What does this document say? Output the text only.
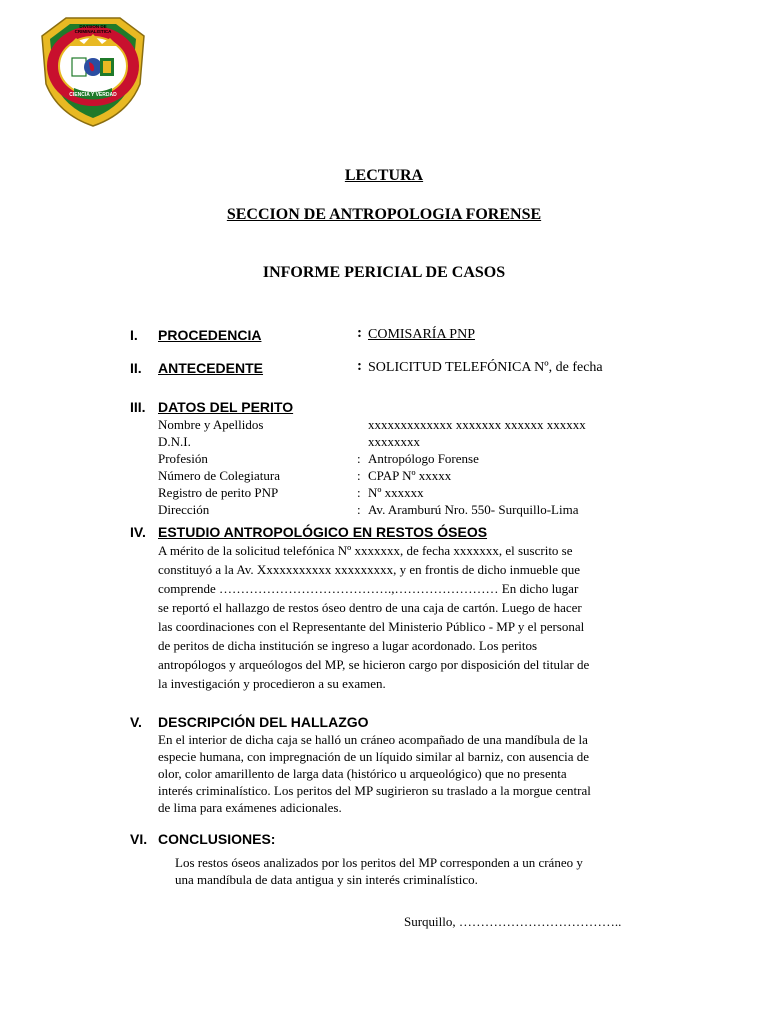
DIVISION DE CRIMINALISTICA
CIENCIA Y VERDAD
LECTURA
SECCION DE ANTROPOLOGIA FORENSE
INFORME PERICIAL DE CASOS
I. PROCEDENCIA	: COMISARÍA PNP
II. ANTECEDENTE	: SOLICITUD TELEFÓNICA Nº, de fecha
III. DATOS DEL PERITO
Nombre y Apellidos	xxxxxxxxxxxxx xxxxxxx xxxxxx xxxxxx
D.N.I.	xxxxxxxx
Profesión	: Antropólogo Forense
Número de Colegiatura	: CPAP Nº xxxxx
Registro de perito PNP	: Nº xxxxxx
Dirección	: Av. Aramburú Nro. 550- Surquillo-Lima
IV. ESTUDIO ANTROPOLÓGICO EN RESTOS ÓSEOS
A mérito de la solicitud telefónica Nº xxxxxxx, de fecha xxxxxxx, el suscrito se
constituyó a la Av. Xxxxxxxxxxx xxxxxxxxx, y en frontis de dicho inmueble que
comprende ………………………………….,…………………… En dicho lugar
se reportó el hallazgo de restos óseo dentro de una caja de cartón. Luego de hacer
las coordinaciones con el Representante del Ministerio Público - MP y el personal
de peritos de dicha institución se ingreso a lugar acordonado. Los peritos
antropólogos y arqueólogos del MP, se hicieron cargo por disposición del titular de
la investigación y procedieron a su examen.
V. DESCRIPCIÓN DEL HALLAZGO
En el interior de dicha caja se halló un cráneo acompañado de una mandíbula de la
especie humana, con impregnación de un líquido similar al barniz, con ausencia de
olor, color amarillento de larga data (histórico u arqueológico) que no presenta
interés criminalístico. Los peritos del MP sugirieron su traslado a la morgue central
de lima para exámenes adicionales.
VI. CONCLUSIONES:
Los restos óseos analizados por los peritos del MP corresponden a un cráneo y
una mandíbula de data antigua y sin interés criminalístico.
Surquillo, ………………………………..
